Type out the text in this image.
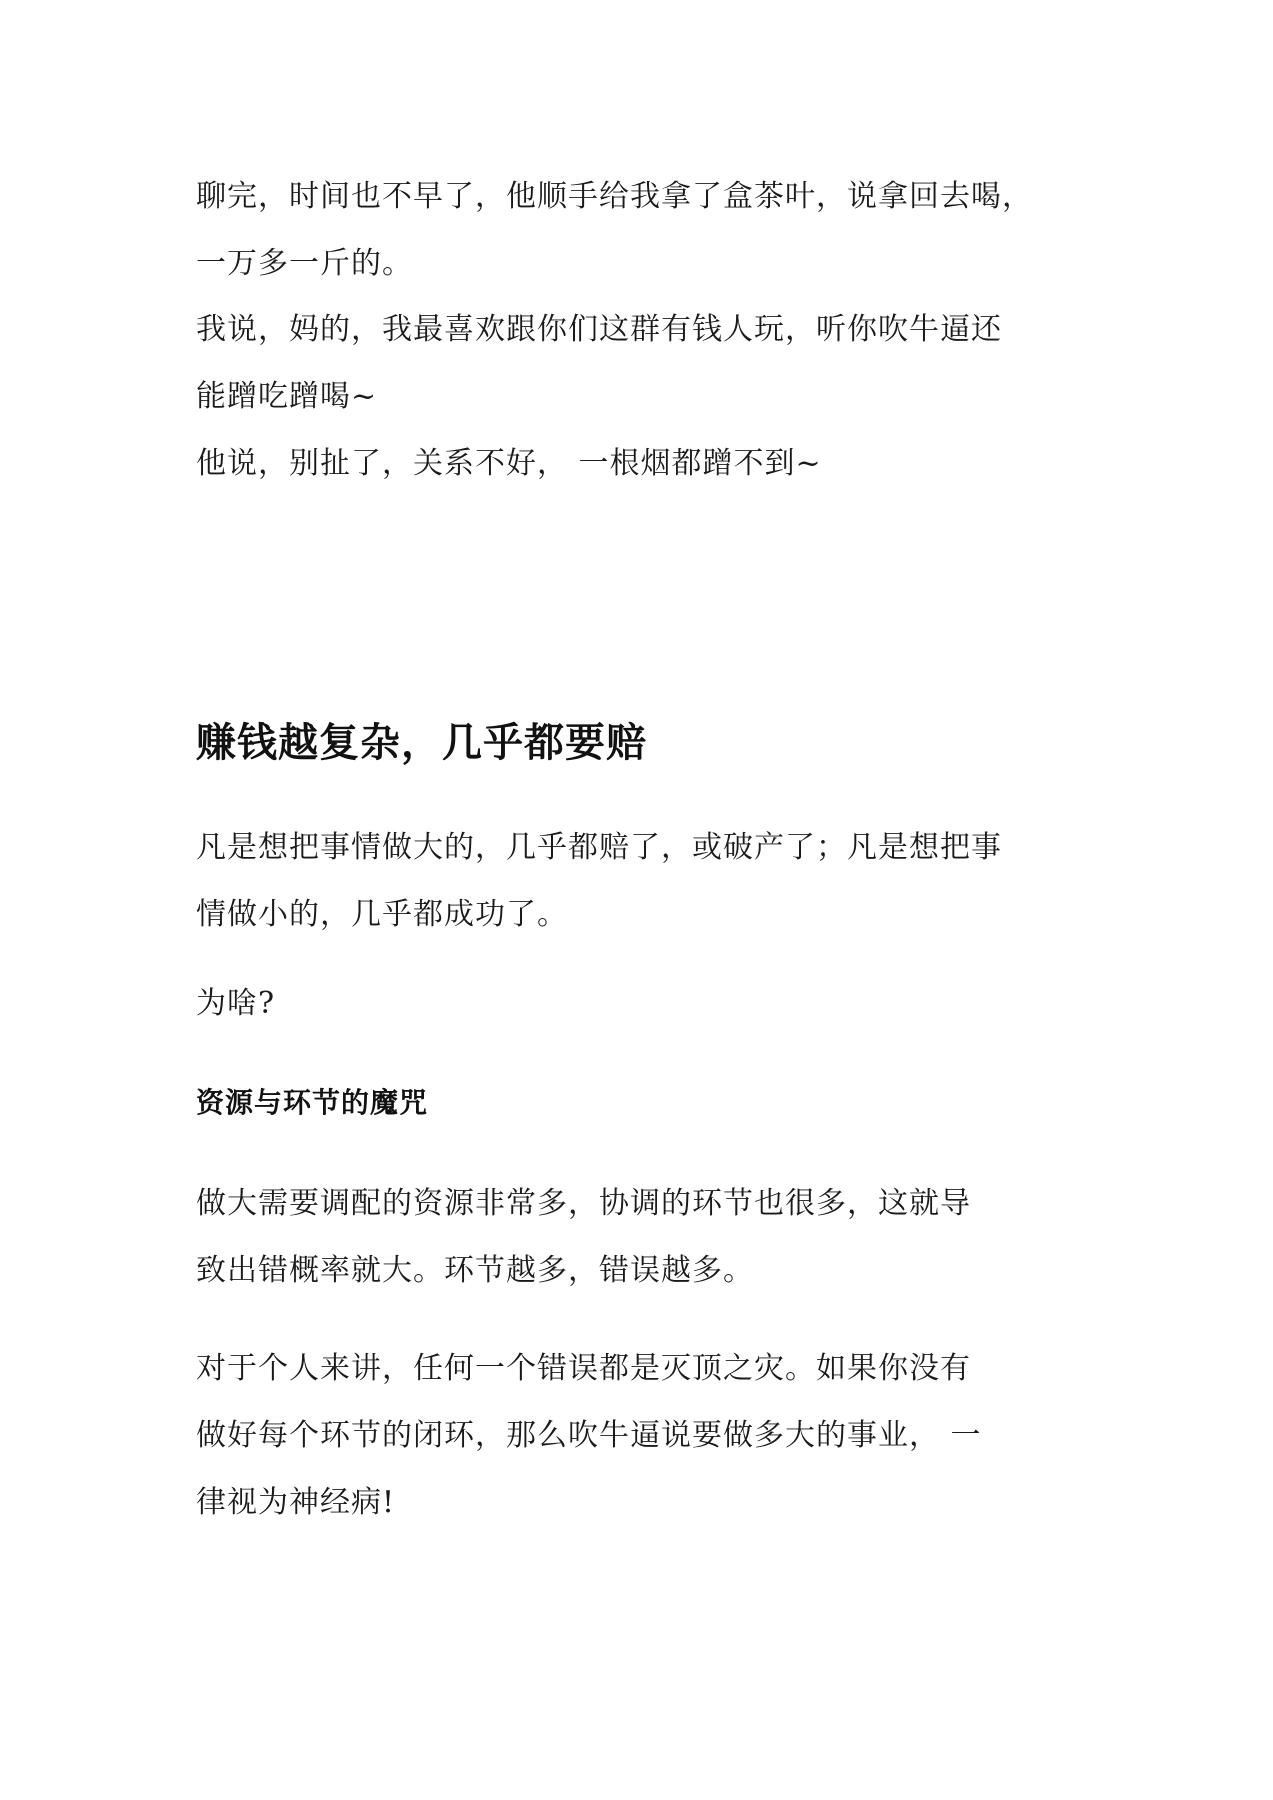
聊完，时间也不早了，他顺手给我拿了盒茶叶，说拿回去喝，
一万多一斤的。

我说，妈的，我最喜欢跟你们这群有钱人玩，听你吹牛逼还
能蹭吃蹭喝~

他说，别扯了，关系不好， 一根烟都蹭不到~

赚钱越复杂，几乎都要赔

凡是想把事情做大的，几乎都赔了，或破产了；凡是想把事
情做小的，几乎都成功了。

为啥?

资源与环节的魔咒

做大需要调配的资源非常多，协调的环节也很多，这就导
致出错概率就大。环节越多，错误越多。

对于个人来讲，任何一个错误都是灭顶之灾。如果你没有
做好每个环节的闭环，那么吹牛逼说要做多大的事业， 一
律视为神经病!
